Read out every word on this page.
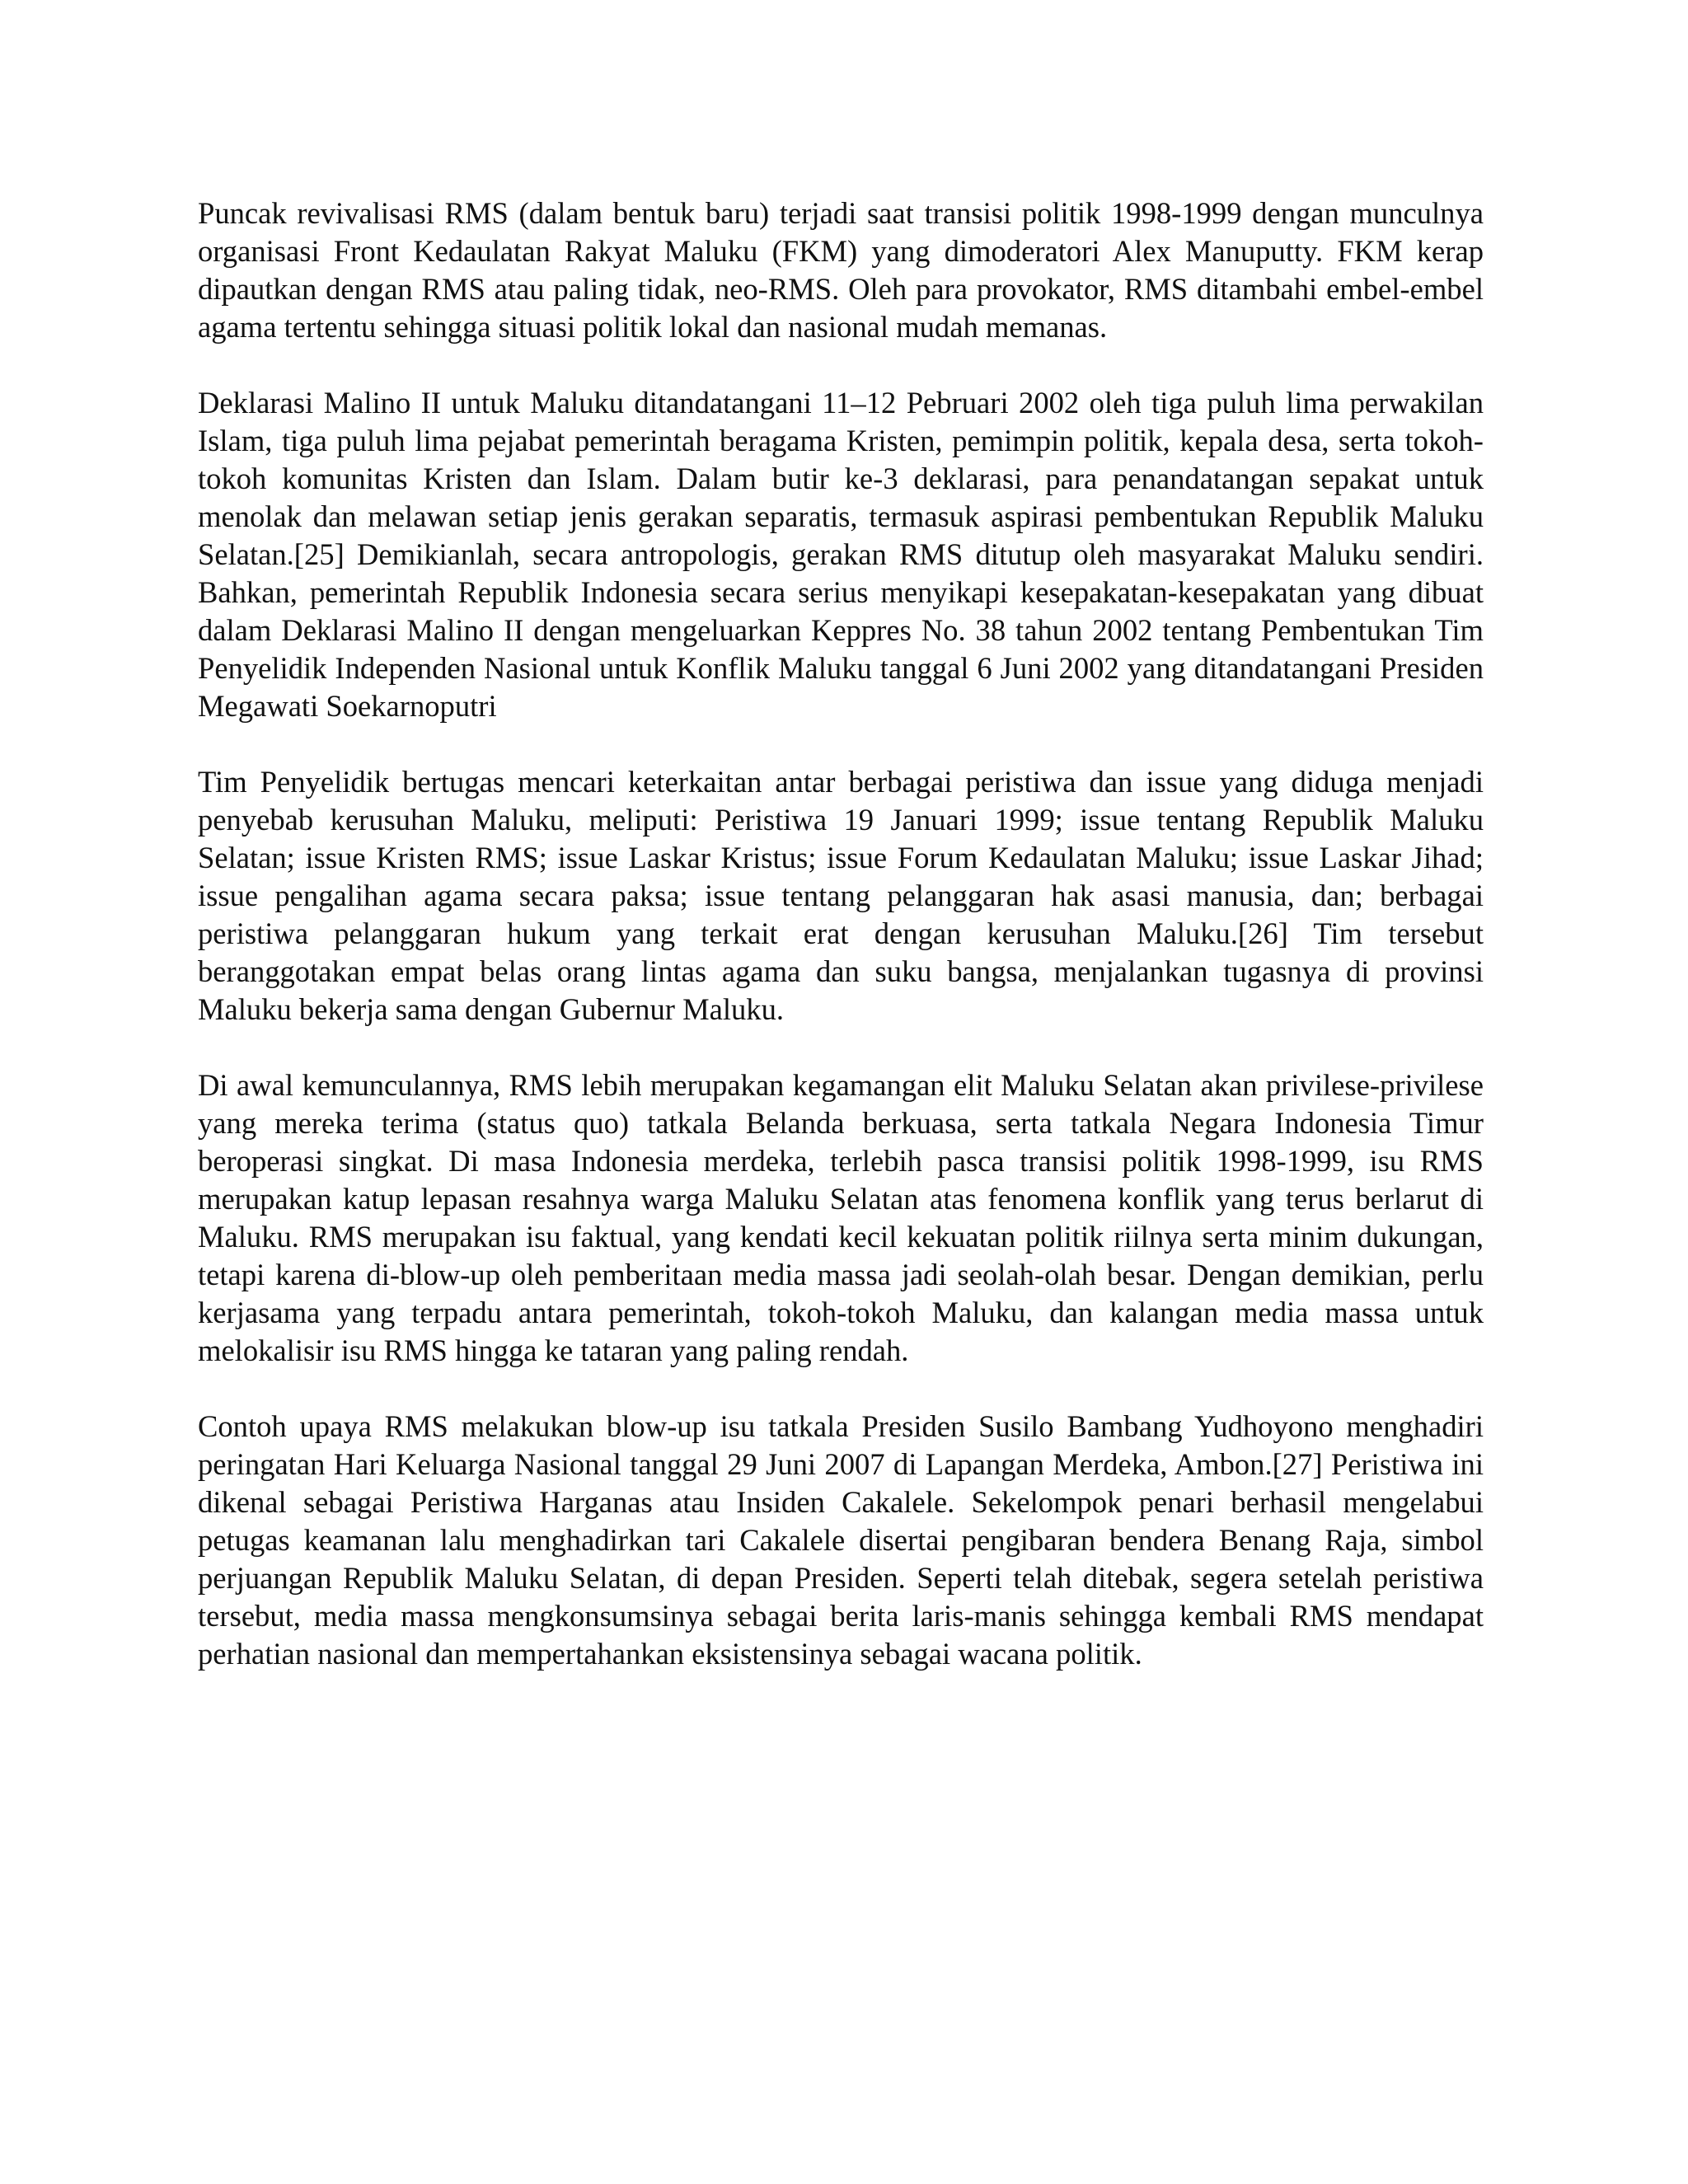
Puncak revivalisasi RMS (dalam bentuk baru) terjadi saat transisi politik 1998-1999 dengan munculnya organisasi Front Kedaulatan Rakyat Maluku (FKM) yang dimoderatori Alex Manuputty. FKM kerap dipautkan dengan RMS atau paling tidak, neo-RMS. Oleh para provokator, RMS ditambahi embel-embel agama tertentu sehingga situasi politik lokal dan nasional mudah memanas.

Deklarasi Malino II untuk Maluku ditandatangani 11–12 Pebruari 2002 oleh tiga puluh lima perwakilan Islam, tiga puluh lima pejabat pemerintah beragama Kristen, pemimpin politik, kepala desa, serta tokoh-tokoh komunitas Kristen dan Islam. Dalam butir ke-3 deklarasi, para penandatangan sepakat untuk menolak dan melawan setiap jenis gerakan separatis, termasuk aspirasi pembentukan Republik Maluku Selatan.[25] Demikianlah, secara antropologis, gerakan RMS ditutup oleh masyarakat Maluku sendiri. Bahkan, pemerintah Republik Indonesia secara serius menyikapi kesepakatan-kesepakatan yang dibuat dalam Deklarasi Malino II dengan mengeluarkan Keppres No. 38 tahun 2002 tentang Pembentukan Tim Penyelidik Independen Nasional untuk Konflik Maluku tanggal 6 Juni 2002 yang ditandatangani Presiden Megawati Soekarnoputri

Tim Penyelidik bertugas mencari keterkaitan antar berbagai peristiwa dan issue yang diduga menjadi penyebab kerusuhan Maluku, meliputi: Peristiwa 19 Januari 1999; issue tentang Republik Maluku Selatan; issue Kristen RMS; issue Laskar Kristus; issue Forum Kedaulatan Maluku; issue Laskar Jihad; issue pengalihan agama secara paksa; issue tentang pelanggaran hak asasi manusia, dan; berbagai peristiwa pelanggaran hukum yang terkait erat dengan kerusuhan Maluku.[26] Tim tersebut beranggotakan empat belas orang lintas agama dan suku bangsa, menjalankan tugasnya di provinsi Maluku bekerja sama dengan Gubernur Maluku.

Di awal kemunculannya, RMS lebih merupakan kegamangan elit Maluku Selatan akan privilese-privilese yang mereka terima (status quo) tatkala Belanda berkuasa, serta tatkala Negara Indonesia Timur beroperasi singkat. Di masa Indonesia merdeka, terlebih pasca transisi politik 1998-1999, isu RMS merupakan katup lepasan resahnya warga Maluku Selatan atas fenomena konflik yang terus berlarut di Maluku. RMS merupakan isu faktual, yang kendati kecil kekuatan politik riilnya serta minim dukungan, tetapi karena di-blow-up oleh pemberitaan media massa jadi seolah-olah besar. Dengan demikian, perlu kerjasama yang terpadu antara pemerintah, tokoh-tokoh Maluku, dan kalangan media massa untuk melokalisir isu RMS hingga ke tataran yang paling rendah.

Contoh upaya RMS melakukan blow-up isu tatkala Presiden Susilo Bambang Yudhoyono menghadiri peringatan Hari Keluarga Nasional tanggal 29 Juni 2007 di Lapangan Merdeka, Ambon.[27] Peristiwa ini dikenal sebagai Peristiwa Harganas atau Insiden Cakalele. Sekelompok penari berhasil mengelabui petugas keamanan lalu menghadirkan tari Cakalele disertai pengibaran bendera Benang Raja, simbol perjuangan Republik Maluku Selatan, di depan Presiden. Seperti telah ditebak, segera setelah peristiwa tersebut, media massa mengkonsumsinya sebagai berita laris-manis sehingga kembali RMS mendapat perhatian nasional dan mempertahankan eksistensinya sebagai wacana politik.
